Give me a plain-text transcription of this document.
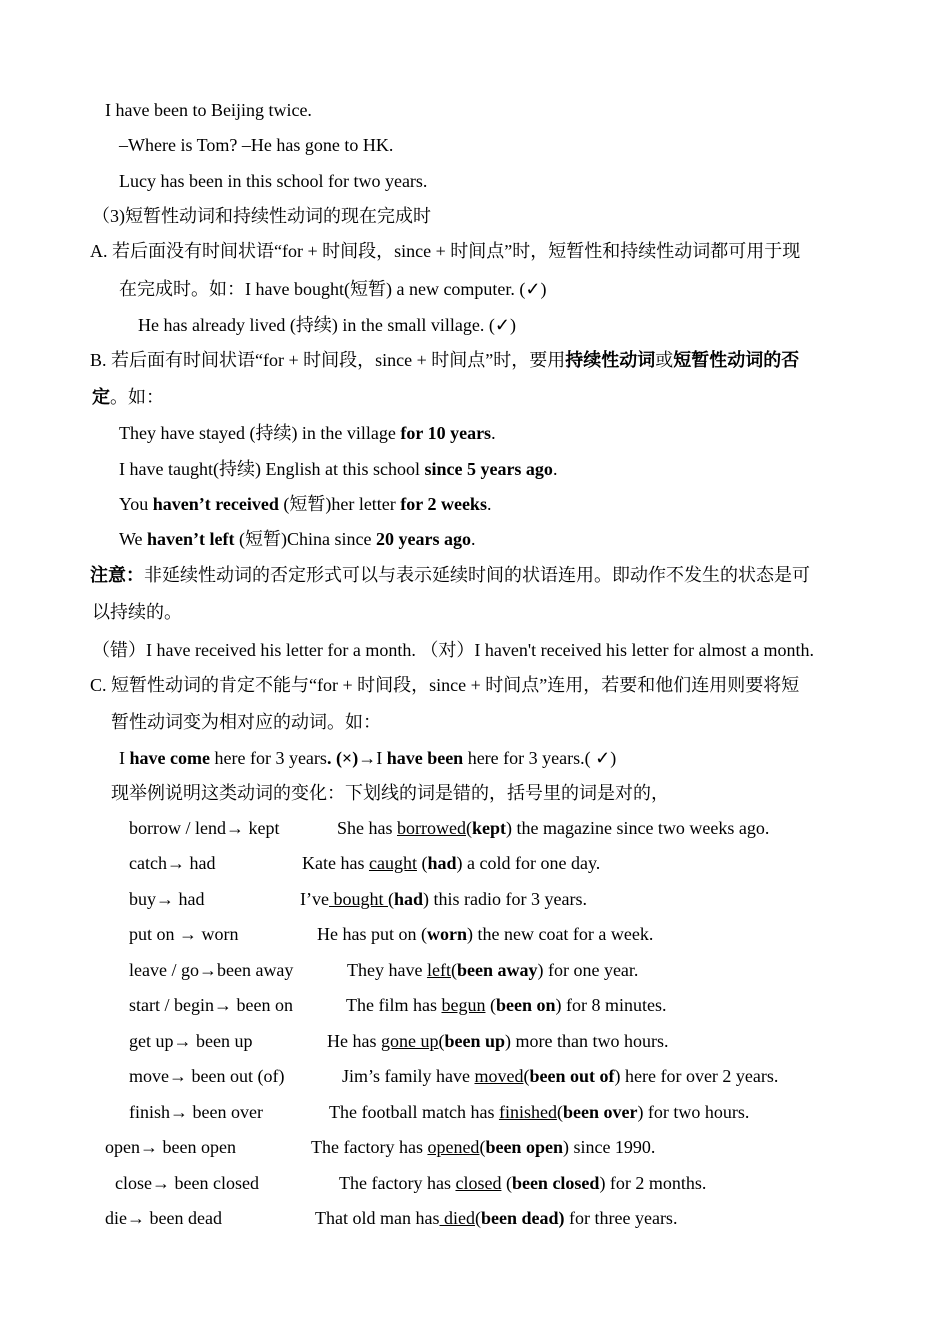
I have been to Beijing twice.
–Where is Tom? –He has gone to HK.
Lucy has been in this school for two years.
（3)短暂性动词和持续性动词的现在完成时
A. 若后面没有时间状语“for + 时间段，since + 时间点”时，短暂性和持续性动词都可用于现
在完成时。如：I have bought(短暂) a new computer. (✓)
He has already lived (持续) in the small village. (✓)
B. 若后面有时间状语“for + 时间段，since + 时间点”时，要用持续性动词或短暂性动词的否
定。如：
They have stayed (持续) in the village for 10 years.
I have taught(持续) English at this school since 5 years ago.
You haven’t received (短暂)her letter for 2 weeks.
We haven’t left (短暂)China since 20 years ago.
注意：非延续性动词的否定形式可以与表示延续时间的状语连用。即动作不发生的状态是可
以持续的。
（错）I have received his letter for a month. （对）I haven't received his letter for almost a month.
C. 短暂性动词的肯定不能与“for + 时间段，since + 时间点”连用，若要和他们连用则要将短
暂性动词变为相对应的动词。如：
I have come here for 3 years. (×)→I have been here for 3 years.( ✓)
现举例说明这类动词的变化：下划线的词是错的，括号里的词是对的，
borrow / lend→ kept	She has borrowed(kept) the magazine since two weeks ago.
catch→ had	Kate has caught (had) a cold for one day.
buy→ had	I’ve bought (had) this radio for 3 years.
put on → worn	He has put on (worn) the new coat for a week.
leave / go→been away	They have left(been away) for one year.
start / begin→ been on	The film has begun (been on) for 8 minutes.
get up→ been up	He has gone up(been up) more than two hours.
move→ been out (of)	Jim’s family have moved(been out of) here for over 2 years.
finish→ been over	The football match has finished(been over) for two hours.
open→ been open	The factory has opened(been open) since 1990.
close→ been closed	The factory has closed (been closed) for 2 months.
die→ been dead	That old man has died(been dead) for three years.
